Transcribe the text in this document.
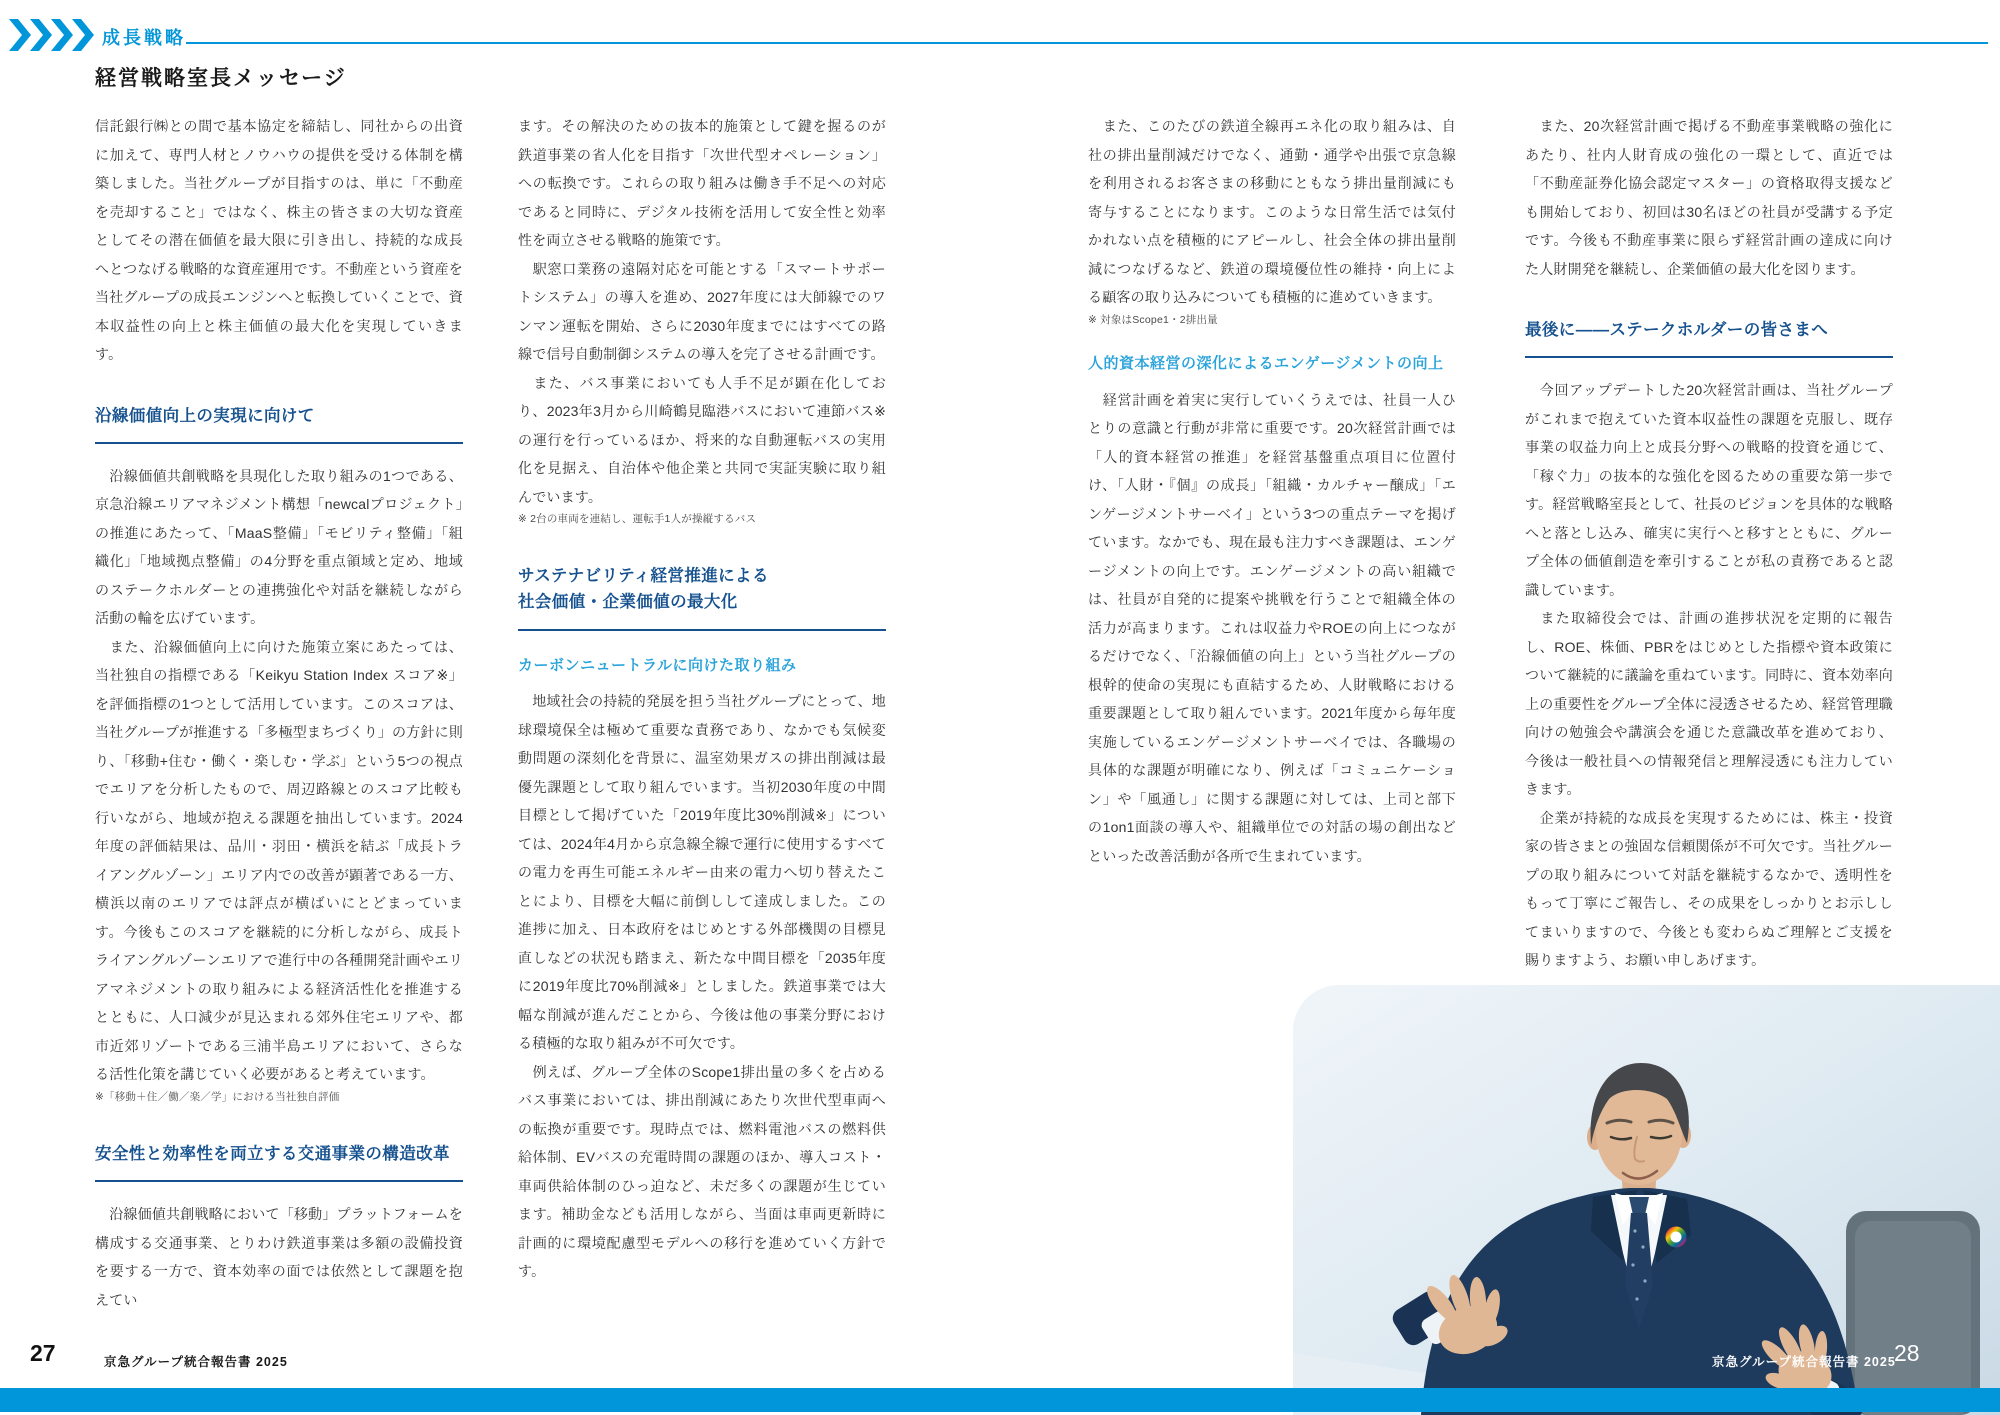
成長戦略
経営戦略室長メッセージ

信託銀行㈱との間で基本協定を締結し、同社からの出資に加えて、専門人材とノウハウの提供を受ける体制を構築しました。当社グループが目指すのは、単に「不動産を売却すること」ではなく、株主の皆さまの大切な資産としてその潜在価値を最大限に引き出し、持続的な成長へとつなげる戦略的な資産運用です。不動産という資産を当社グループの成長エンジンへと転換していくことで、資本収益性の向上と株主価値の最大化を実現していきます。

沿線価値向上の実現に向けて

　沿線価値共創戦略を具現化した取り組みの1つである、京急沿線エリアマネジメント構想「newcalプロジェクト」の推進にあたって、「MaaS整備」「モビリティ整備」「組織化」「地域拠点整備」の4分野を重点領域と定め、地域のステークホルダーとの連携強化や対話を継続しながら活動の輪を広げています。

　また、沿線価値向上に向けた施策立案にあたっては、当社独自の指標である「Keikyu Station Index スコア※」を評価指標の1つとして活用しています。このスコアは、当社グループが推進する「多極型まちづくり」の方針に則り、「移動+住む・働く・楽しむ・学ぶ」という5つの視点でエリアを分析したもので、周辺路線とのスコア比較も行いながら、地域が抱える課題を抽出しています。2024年度の評価結果は、品川・羽田・横浜を結ぶ「成長トライアングルゾーン」エリア内での改善が顕著である一方、横浜以南のエリアでは評点が横ばいにとどまっています。今後もこのスコアを継続的に分析しながら、成長トライアングルゾーンエリアで進行中の各種開発計画やエリアマネジメントの取り組みによる経済活性化を推進するとともに、人口減少が見込まれる郊外住宅エリアや、都市近郊リゾートである三浦半島エリアにおいて、さらなる活性化策を講じていく必要があると考えています。

※「移動＋住／働／楽／学」における当社独自評価

安全性と効率性を両立する交通事業の構造改革

　沿線価値共創戦略において「移動」プラットフォームを構成する交通事業、とりわけ鉄道事業は多額の設備投資を要する一方で、資本効率の面では依然として課題を抱えてい

ます。その解決のための抜本的施策として鍵を握るのが鉄道事業の省人化を目指す「次世代型オペレーション」への転換です。これらの取り組みは働き手不足への対応であると同時に、デジタル技術を活用して安全性と効率性を両立させる戦略的施策です。

　駅窓口業務の遠隔対応を可能とする「スマートサポートシステム」の導入を進め、2027年度には大師線でのワンマン運転を開始、さらに2030年度までにはすべての路線で信号自動制御システムの導入を完了させる計画です。

　また、バス事業においても人手不足が顕在化しており、2023年3月から川崎鶴見臨港バスにおいて連節バス※の運行を行っているほか、将来的な自動運転バスの実用化を見据え、自治体や他企業と共同で実証実験に取り組んでいます。

※ 2台の車両を連結し、運転手1人が操縦するバス

サステナビリティ経営推進による
社会価値・企業価値の最大化
カーボンニュートラルに向けた取り組み

　地域社会の持続的発展を担う当社グループにとって、地球環境保全は極めて重要な責務であり、なかでも気候変動問題の深刻化を背景に、温室効果ガスの排出削減は最優先課題として取り組んでいます。当初2030年度の中間目標として掲げていた「2019年度比30%削減※」については、2024年4月から京急線全線で運行に使用するすべての電力を再生可能エネルギー由来の電力へ切り替えたことにより、目標を大幅に前倒しして達成しました。この進捗に加え、日本政府をはじめとする外部機関の目標見直しなどの状況も踏まえ、新たな中間目標を「2035年度に2019年度比70%削減※」としました。鉄道事業では大幅な削減が進んだことから、今後は他の事業分野における積極的な取り組みが不可欠です。

　例えば、グループ全体のScope1排出量の多くを占めるバス事業においては、排出削減にあたり次世代型車両への転換が重要です。現時点では、燃料電池バスの燃料供給体制、EVバスの充電時間の課題のほか、導入コスト・車両供給体制のひっ迫など、未だ多くの課題が生じています。補助金なども活用しながら、当面は車両更新時に計画的に環境配慮型モデルへの移行を進めていく方針です。

　また、このたびの鉄道全線再エネ化の取り組みは、自社の排出量削減だけでなく、通勤・通学や出張で京急線を利用されるお客さまの移動にともなう排出量削減にも寄与することになります。このような日常生活では気付かれない点を積極的にアピールし、社会全体の排出量削減につなげるなど、鉄道の環境優位性の維持・向上による顧客の取り込みについても積極的に進めていきます。

※ 対象はScope1・2排出量

人的資本経営の深化によるエンゲージメントの向上

　経営計画を着実に実行していくうえでは、社員一人ひとりの意識と行動が非常に重要です。20次経営計画では「人的資本経営の推進」を経営基盤重点項目に位置付け、「人財・『個』の成長」「組織・カルチャー醸成」「エンゲージメントサーベイ」という3つの重点テーマを掲げています。なかでも、現在最も注力すべき課題は、エンゲージメントの向上です。エンゲージメントの高い組織では、社員が自発的に提案や挑戦を行うことで組織全体の活力が高まります。これは収益力やROEの向上につながるだけでなく、「沿線価値の向上」という当社グループの根幹的使命の実現にも直結するため、人財戦略における重要課題として取り組んでいます。2021年度から毎年度実施しているエンゲージメントサーベイでは、各職場の具体的な課題が明確になり、例えば「コミュニケーション」や「風通し」に関する課題に対しては、上司と部下の1on1面談の導入や、組織単位での対話の場の創出などといった改善活動が各所で生まれています。

　また、20次経営計画で掲げる不動産事業戦略の強化にあたり、社内人財育成の強化の一環として、直近では「不動産証券化協会認定マスター」の資格取得支援なども開始しており、初回は30名ほどの社員が受講する予定です。今後も不動産事業に限らず経営計画の達成に向けた人財開発を継続し、企業価値の最大化を図ります。

最後に——ステークホルダーの皆さまへ

　今回アップデートした20次経営計画は、当社グループがこれまで抱えていた資本収益性の課題を克服し、既存事業の収益力向上と成長分野への戦略的投資を通じて、「稼ぐ力」の抜本的な強化を図るための重要な第一歩です。経営戦略室長として、社長のビジョンを具体的な戦略へと落とし込み、確実に実行へと移すとともに、グループ全体の価値創造を牽引することが私の責務であると認識しています。

　また取締役会では、計画の進捗状況を定期的に報告し、ROE、株価、PBRをはじめとした指標や資本政策について継続的に議論を重ねています。同時に、資本効率向上の重要性をグループ全体に浸透させるため、経営管理職向けの勉強会や講演会を通じた意識改革を進めており、今後は一般社員への情報発信と理解浸透にも注力していきます。

　企業が持続的な成長を実現するためには、株主・投資家の皆さまとの強固な信頼関係が不可欠です。当社グループの取り組みについて対話を継続するなかで、透明性をもって丁寧にご報告し、その成果をしっかりとお示ししてまいりますので、今後とも変わらぬご理解とご支援を賜りますよう、お願い申しあげます。

京急グループ統合報告書 2025
28
27	京急グループ統合報告書 2025
